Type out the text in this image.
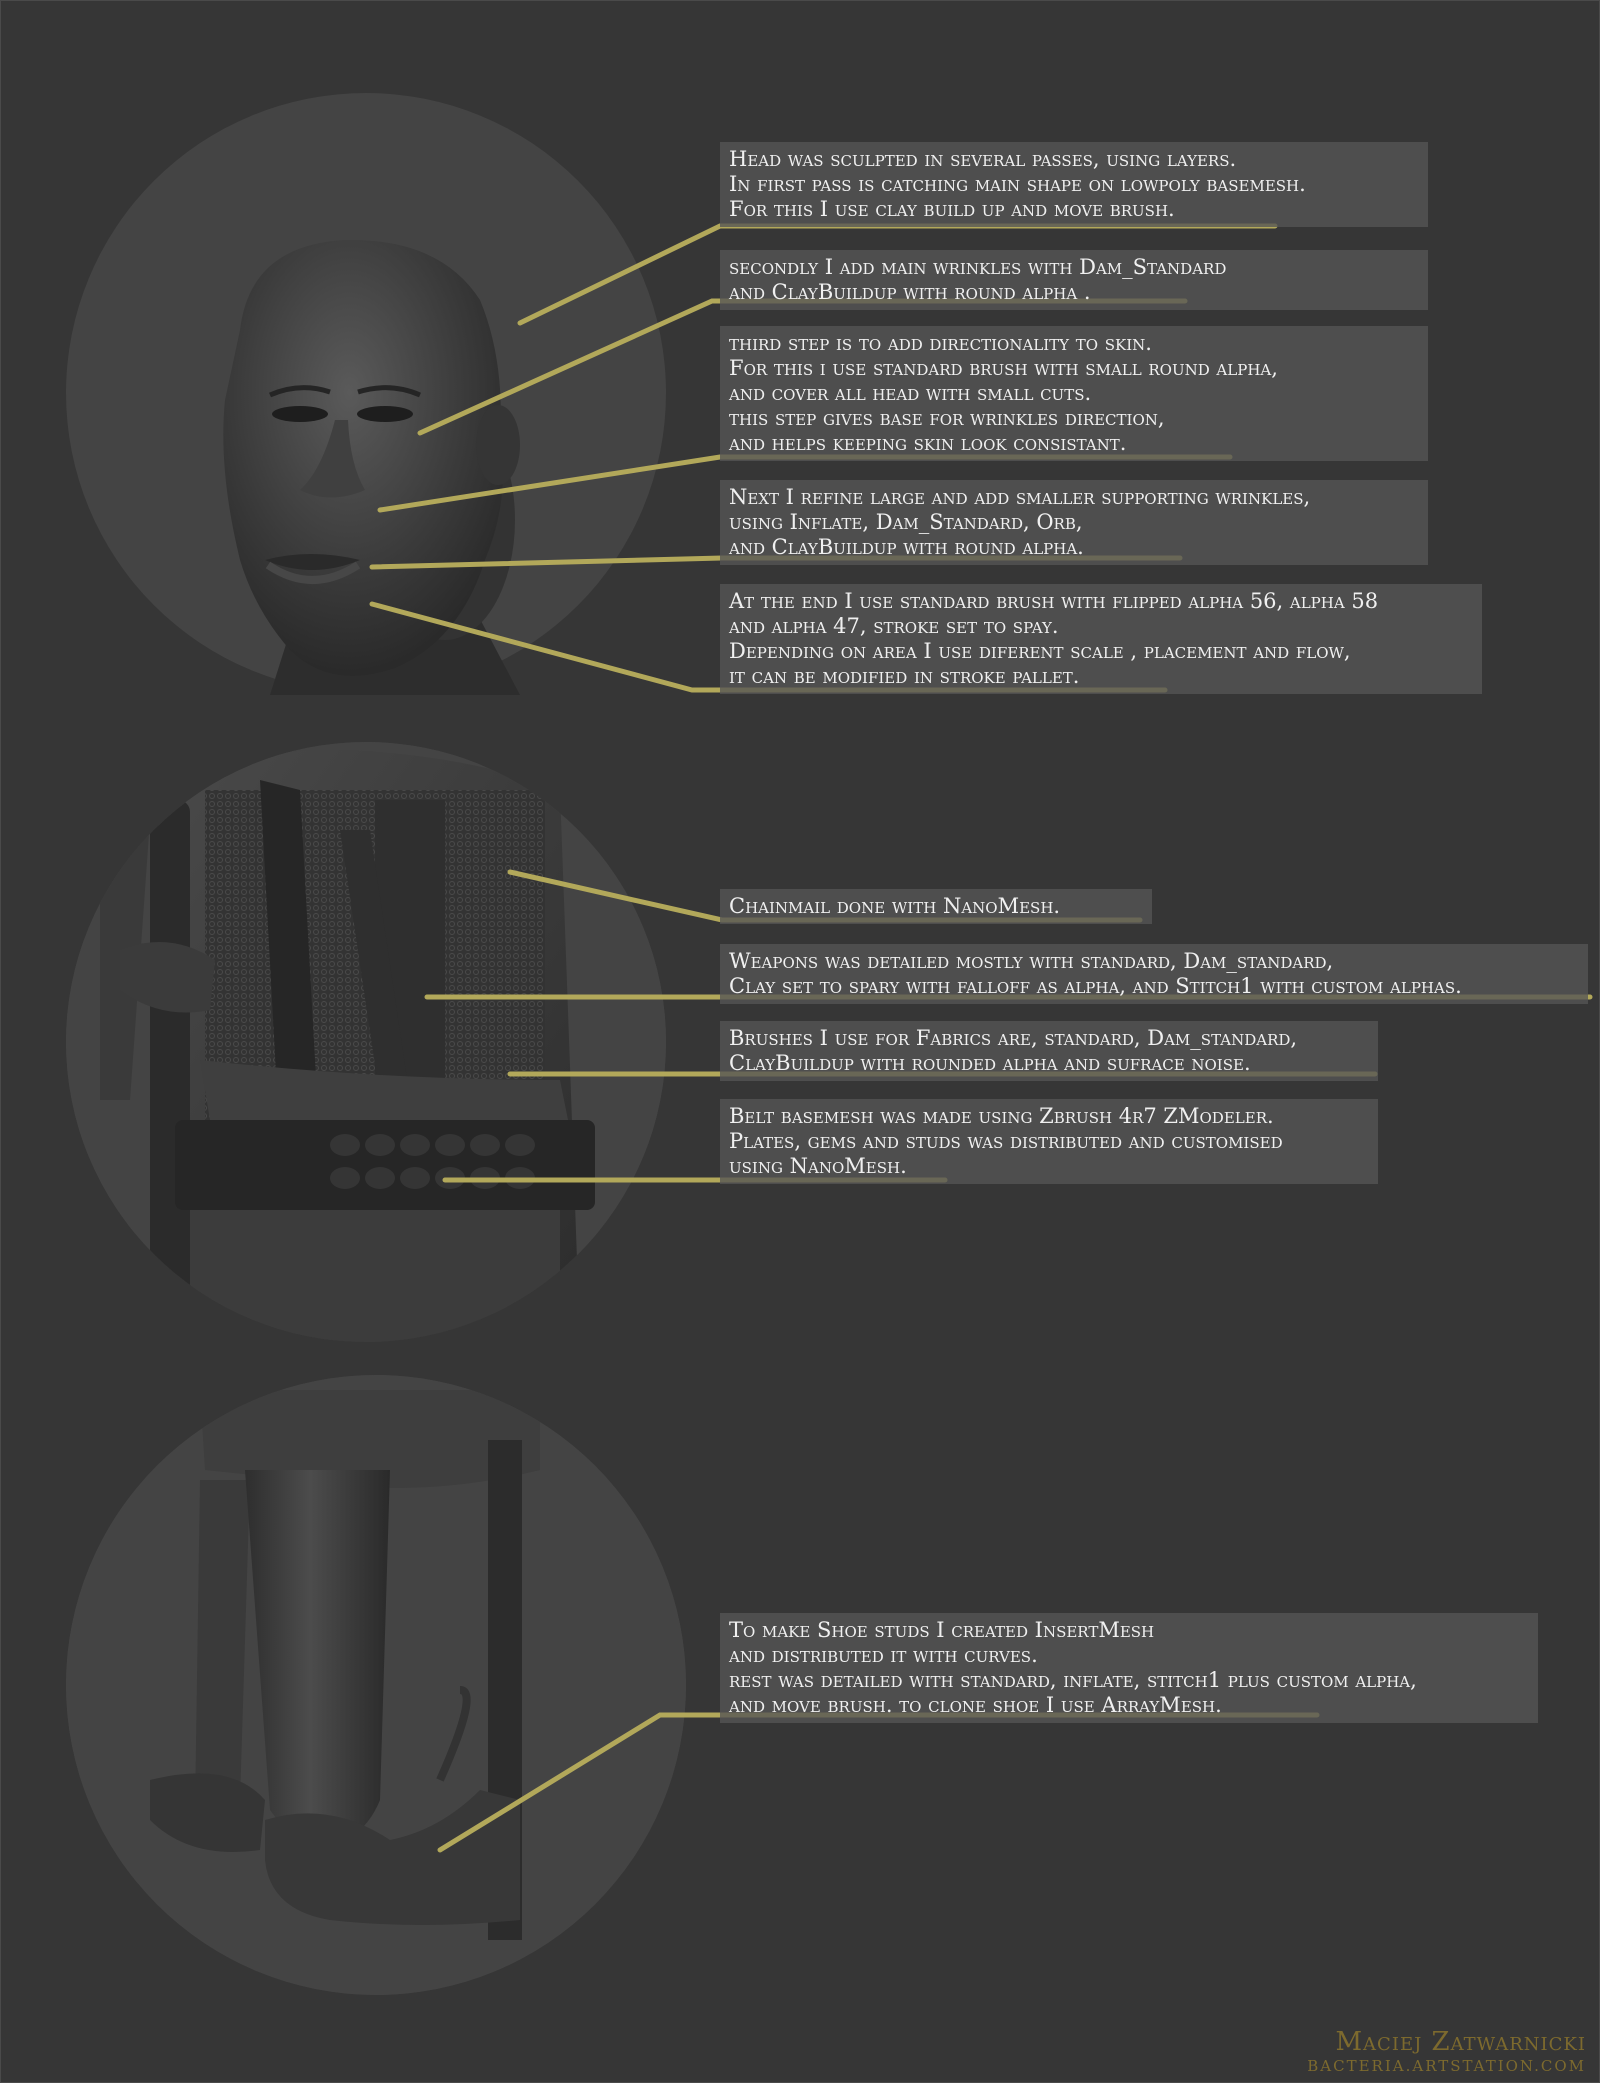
Head was sculpted in several passes, using layers.
In first pass is catching main shape on lowpoly basemesh.
For this I use clay build up and move brush.
secondly I add main wrinkles with Dam_Standard
and ClayBuildup with round alpha .
third step is to add directionality to skin.
For this i use standard brush with small round alpha,
and cover all head with small cuts.
this step gives base for wrinkles direction,
and helps keeping skin look consistant.
Next I refine large and add smaller supporting wrinkles,
using Inflate, Dam_Standard, Orb,
and ClayBuildup with round alpha.
At the end I use standard brush with flipped alpha 56, alpha 58
and alpha 47, stroke set to spay.
Depending on area I use diferent scale , placement and flow,
it can be modified in stroke pallet.
Chainmail done with NanoMesh.
Weapons was detailed mostly with standard, Dam_standard,
Clay set to spary with falloff as alpha, and Stitch1 with custom alphas.
Brushes I use for Fabrics are, standard, Dam_standard,
ClayBuildup with rounded alpha and sufrace noise.
Belt basemesh was made using Zbrush 4r7 ZModeler.
Plates, gems and studs was distributed and customised
using NanoMesh.
To make Shoe studs I created InsertMesh
and distributed it with curves.
rest was detailed with standard, inflate, stitch1 plus custom alpha,
and move brush. to clone shoe I use ArrayMesh.
Maciej Zatwarnicki
BACTERIA.ARTSTATION.COM
